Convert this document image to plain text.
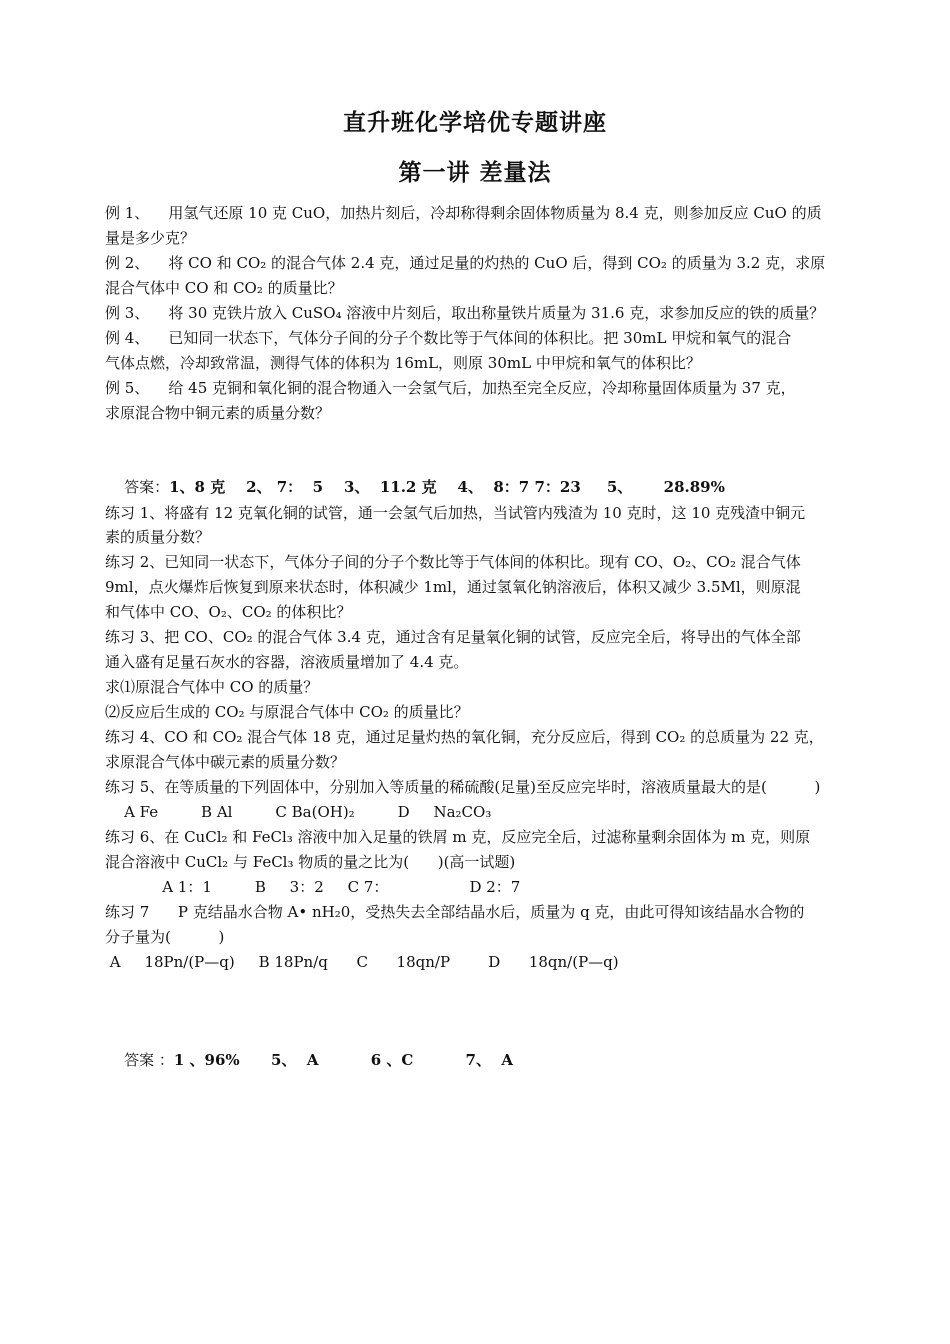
直升班化学培优专题讲座
第一讲 差量法
例 1、    用氢气还原 10 克 CuO，加热片刻后，冷却称得剩余固体物质量为 8.4 克，则参加反应 CuO 的质
量是多少克？
例 2、    将 CO 和 CO₂ 的混合气体 2.4 克，通过足量的灼热的 CuO 后，得到 CO₂ 的质量为 3.2 克，求原
混合气体中 CO 和 CO₂ 的质量比？
例 3、    将 30 克铁片放入 CuSO₄ 溶液中片刻后，取出称量铁片质量为 31.6 克，求参加反应的铁的质量？
例 4、    已知同一状态下，气体分子间的分子个数比等于气体间的体积比。把 30mL 甲烷和氧气的混合
气体点燃，冷却致常温，测得气体的体积为 16mL，则原 30mL 中甲烷和氧气的体积比？
例 5、    给 45 克铜和氧化铜的混合物通入一会氢气后，加热至完全反应，冷却称量固体质量为 37 克，
求原混合物中铜元素的质量分数？

答案：1、8 克    2、 7：  5    3、  11.2 克    4、  8：7 7：23     5、      28.89%

练习 1、将盛有 12 克氧化铜的试管，通一会氢气后加热，当试管内残渣为 10 克时，这 10 克残渣中铜元
素的质量分数？
练习 2、已知同一状态下，气体分子间的分子个数比等于气体间的体积比。现有 CO、O₂、CO₂ 混合气体
9ml，点火爆炸后恢复到原来状态时，体积减少 1ml，通过氢氧化钠溶液后，体积又减少 3.5Ml，则原混
和气体中 CO、O₂、CO₂ 的体积比？
练习 3、把 CO、CO₂ 的混合气体 3.4 克，通过含有足量氧化铜的试管，反应完全后，将导出的气体全部
通入盛有足量石灰水的容器，溶液质量增加了 4.4 克。
求⑴原混合气体中 CO 的质量？
⑵反应后生成的 CO₂ 与原混合气体中 CO₂ 的质量比？
练习 4、CO 和 CO₂ 混合气体 18 克，通过足量灼热的氧化铜，充分反应后，得到 CO₂ 的总质量为 22 克，
求原混合气体中碳元素的质量分数？
练习 5、在等质量的下列固体中，分别加入等质量的稀硫酸(足量)至反应完毕时，溶液质量最大的是(          )
A Fe         B Al         C Ba(OH)₂         D     Na₂CO₃
练习 6、在 CuCl₂ 和 FeCl₃ 溶液中加入足量的铁屑 m 克，反应完全后，过滤称量剩余固体为 m 克，则原
混合溶液中 CuCl₂ 与 FeCl₃ 物质的量之比为(      )(高一试题)
A 1：1         B     3：2     C 7：                 D 2：7
练习 7      P 克结晶水合物 A• nH₂0，受热失去全部结晶水后，质量为 q 克，由此可得知该结晶水合物的
分子量为(          )
A     18Pn/(P—q)     B 18Pn/q      C      18qn/P        D      18qn/(P—q)

答案 ：1 、96%      5、  A          6 、C          7、  A
